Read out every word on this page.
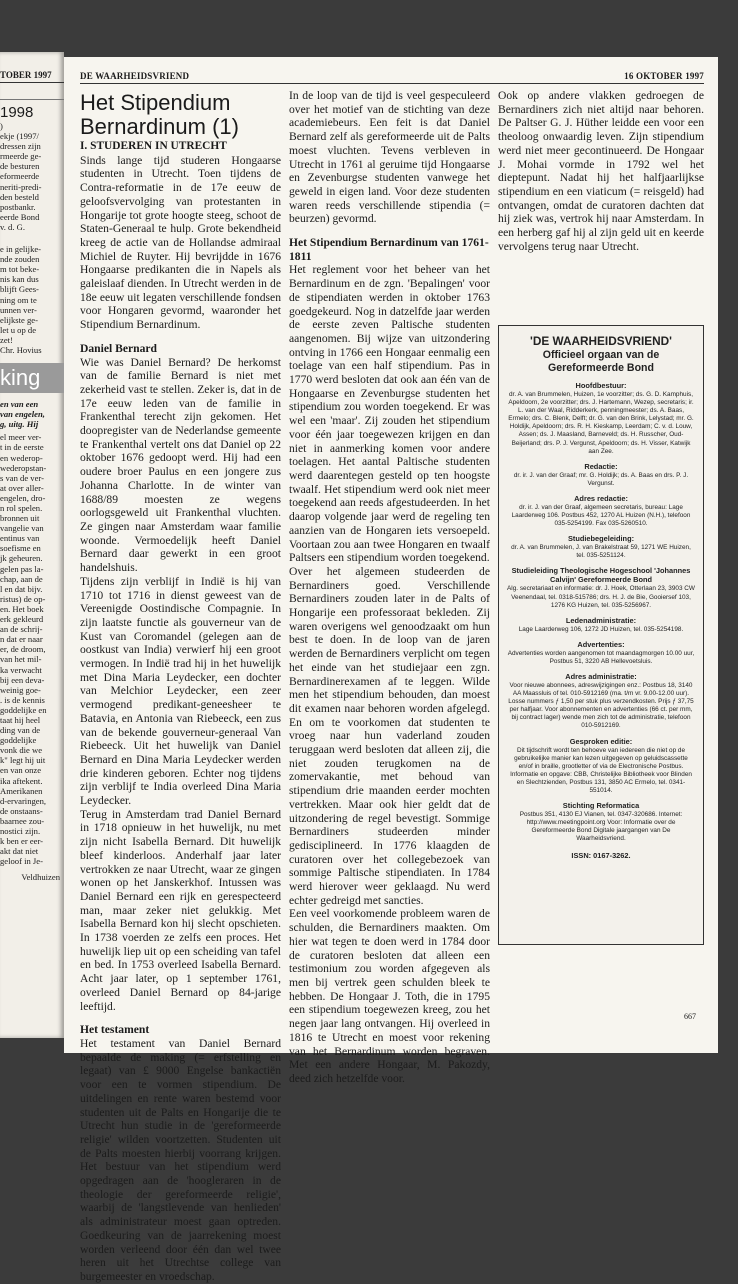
TOBER 1997

1998

)

ekje (1997/

dressen zijn

rmeerde ge-

de besturen

eformeerde

neriti-predi-

den besteld

postbankr.

eerde Bond

v. d. G.

e in gelijke-

nde zouden

m tot beke-

nis kan dus

blijft Gees-

ning om te

unnen ver-

elijkste ge-

let u op de

zet!

Chr. Hovius

king

en van een

van engelen,

g, uitg. Hij

el meer ver-

t in de eerste

en wederop-

wederopstan-

s van de ver-

at over aller-

engelen, dro-

n rol spelen.

bronnen uit

vangelie van

entinus van

soefisme en

jk geheuren.

gelen pas la-

chap, aan de

l en dat bijv.

ristus) de op-

en. Het boek

erk gekleurd

an de schrij-

n dat er naar

er, de droom,

van het mil-

ka verwacht

bij een deva-

weinig goe-

. is de kennis

goddelijke en

taat hij heel

ding van de

goddelijke

vonk die we

k" legt hij uit

en van onze

ika aftekent.

Amerikanen

d-ervaringen,

de onstaans-

baarnee zou-

nostici zijn.

k ben er eer-

akt dat niet

geloof in Je-

Veldhuizen

DE WAARHEIDSVRIEND	16 OKTOBER 1997
Het Stipendium
Bernardinum (1)

I. STUDEREN IN UTRECHT

Sinds lange tijd studeren Hongaarse studenten in Utrecht. Toen tijdens de Contra-reformatie in de 17e eeuw de geloofsvervolging van protestanten in Hongarije tot grote hoogte steeg, schoot de Staten-Generaal te hulp. Grote bekendheid kreeg de actie van de Hollandse admiraal Michiel de Ruyter. Hij bevrijdde in 1676 Hongaarse predikanten die in Napels als galeislaaf dienden. In Utrecht werden in de 18e eeuw uit legaten verschillende fondsen voor Hongaren gevormd, waaronder het Stipendium Bernardinum.

Daniel Bernard

Wie was Daniel Bernard? De herkomst van de familie Bernard is niet met zekerheid vast te stellen. Zeker is, dat in de 17e eeuw leden van de familie in Frankenthal terecht zijn gekomen. Het doopregister van de Nederlandse gemeente te Frankenthal vertelt ons dat Daniel op 22 oktober 1676 gedoopt werd. Hij had een oudere broer Paulus en een jongere zus Johanna Charlotte. In de winter van 1688/89 moesten ze wegens oorlogsgeweld uit Frankenthal vluchten. Ze gingen naar Amsterdam waar familie woonde. Vermoedelijk heeft Daniel Bernard daar gewerkt in een groot handelshuis.

Tijdens zijn verblijf in Indië is hij van 1710 tot 1716 in dienst geweest van de Vereenigde Oostindische Compagnie. In zijn laatste functie als gouverneur van de Kust van Coromandel (gelegen aan de oostkust van India) verwierf hij een groot vermogen. In Indië trad hij in het huwelijk met Dina Maria Leydecker, een dochter van Melchior Leydecker, een zeer vermogend predikant-geneesheer te Batavia, en Antonia van Riebeeck, een zus van de bekende gouverneur-generaal Van Riebeeck. Uit het huwelijk van Daniel Bernard en Dina Maria Leydecker werden drie kinderen geboren. Echter nog tijdens zijn verblijf te India overleed Dina Maria Leydecker.

Terug in Amsterdam trad Daniel Bernard in 1718 opnieuw in het huwelijk, nu met zijn nicht Isabella Bernard. Dit huwelijk bleef kinderloos. Anderhalf jaar later vertrokken ze naar Utrecht, waar ze gingen wonen op het Janskerkhof. Intussen was Daniel Bernard een rijk en gerespecteerd man, maar zeker niet gelukkig. Met Isabella Bernard kon hij slecht opschieten. In 1738 voerden ze zelfs een proces. Het huwelijk liep uit op een scheiding van tafel en bed. In 1753 overleed Isabella Bernard. Acht jaar later, op 1 september 1761, overleed Daniel Bernard op 84-jarige leeftijd.

Het testament

Het testament van Daniel Bernard bepaalde de making (= erfstelling en legaat) van £ 9000 Engelse bankactiën voor een te vormen stipendium. De uitdelingen en rente waren bestemd voor studenten uit de Palts en Hongarije die te Utrecht hun studie in de 'gereformeerde religie' wilden voortzetten. Studenten uit de Palts moesten hierbij voorrang krijgen. Het bestuur van het stipendium werd opgedragen aan de 'hoogleraren in de theologie der gereformeerde religie', waarbij de 'langstlevende van henlieden' als administrateur moest gaan optreden. Goedkeuring van de jaarrekening moest worden verleend door één dan wel twee heren uit het Utrechtse college van burgemeester en vroedschap.

In de loop van de tijd is veel gespeculeerd over het motief van de stichting van deze academiebeurs. Een feit is dat Daniel Bernard zelf als gereformeerde uit de Palts moest vluchten. Tevens verbleven in Utrecht in 1761 al geruime tijd Hongaarse en Zevenburgse studenten vanwege het geweld in eigen land. Voor deze studenten waren reeds verschillende stipendia (= beurzen) gevormd.

Het Stipendium Bernardinum van 1761-1811

Het reglement voor het beheer van het Bernardinum en de zgn. 'Bepalingen' voor de stipendiaten werden in oktober 1763 goedgekeurd. Nog in datzelfde jaar werden de eerste zeven Paltische studenten aangenomen. Bij wijze van uitzondering ontving in 1766 een Hongaar eenmalig een toelage van een half stipendium. Pas in 1770 werd besloten dat ook aan één van de Hongaarse en Zevenburgse studenten het stipendium zou worden toegekend. Er was wel een 'maar'. Zij zouden het stipendium voor één jaar toegewezen krijgen en dan niet in aanmerking komen voor andere toelagen. Het aantal Paltische studenten werd daarentegen gesteld op ten hoogste twaalf. Het stipendium werd ook niet meer toegekend aan reeds afgestudeerden. In het daarop volgende jaar werd de regeling ten aanzien van de Hongaren iets versoepeld. Voortaan zou aan twee Hongaren en twaalf Paltsers een stipendium worden toegekend.

Over het algemeen studeerden de Bernardiners goed. Verschillende Bernardiners zouden later in de Palts of Hongarije een professoraat bekleden. Zij waren overigens wel genoodzaakt om hun best te doen. In de loop van de jaren werden de Bernardiners verplicht om tegen het einde van het studiejaar een zgn. Bernardinerexamen af te leggen. Wilde men het stipendium behouden, dan moest dit examen naar behoren worden afgelegd. En om te voorkomen dat studenten te vroeg naar hun vaderland zouden teruggaan werd besloten dat alleen zij, die niet zouden terugkomen na de zomervakantie, met behoud van stipendium drie maanden eerder mochten vertrekken. Maar ook hier geldt dat de uitzondering de regel bevestigt. Sommige Bernardiners studeerden minder gedisciplineerd. In 1776 klaagden de curatoren over het collegebezoek van sommige Paltische stipendiaten. In 1784 werd hierover weer geklaagd. Nu werd echter gedreigd met sancties.

Een veel voorkomende probleem waren de schulden, die Bernardiners maakten. Om hier wat tegen te doen werd in 1784 door de curatoren besloten dat alleen een testimonium zou worden afgegeven als men bij vertrek geen schulden bleek te hebben. De Hongaar J. Toth, die in 1795 een stipendium toegewezen kreeg, zou het negen jaar lang ontvangen. Hij overleed in 1816 te Utrecht en moest voor rekening van het Bernardinum worden begraven. Met een andere Hongaar, M. Pakozdy, deed zich hetzelfde voor.

Ook op andere vlakken gedroegen de Bernardiners zich niet altijd naar behoren. De Paltser G. J. Hüther leidde een voor een theoloog onwaardig leven. Zijn stipendium werd niet meer gecontinueerd. De Hongaar J. Mohai vormde in 1792 wel het dieptepunt. Nadat hij het halfjaarlijkse stipendium en een viaticum (= reisgeld) had ontvangen, omdat de curatoren dachten dat hij ziek was, vertrok hij naar Amsterdam. In een herberg gaf hij al zijn geld uit en keerde vervolgens terug naar Utrecht.

'DE WAARHEIDSVRIEND'
Officieel orgaan van de
Gereformeerde Bond
Hoofdbestuur:
dr. A. van Brummelen, Huizen, 1e voorzitter; ds. G. D. Kamphuis, Apeldoorn, 2e voorzitter; drs. J. Hartemann, Wezep, secretaris; ir. L. van der Waal, Ridderkerk, penningmeester; ds. A. Baas, Ermelo; drs. C. Blenk, Delft; dr. G. van den Brink, Lelystad; mr. G. Holdijk, Apeldoorn; drs. R. H. Kieskamp, Leerdam; C. v. d. Louw, Assen; ds. J. Maasland, Barneveld; ds. H. Russcher, Oud-Beijerland; drs. P. J. Vergunst, Apeldoorn; ds. H. Visser, Katwijk aan Zee.
Redactie:
dr. ir. J. van der Graaf; mr. G. Holdijk; ds. A. Baas en drs. P. J. Vergunst.
Adres redactie:
dr. ir. J. van der Graaf, algemeen secretaris, bureau: Lage Laarderweg 106. Postbus 452, 1270 AL Huizen (N.H.), telefoon 035-5254199. Fax 035-5260510.
Studiebegeleiding:
dr. A. van Brummelen, J. van Brakelstraat 59, 1271 WE Huizen, tel. 035-5251124.
Studieleiding Theologische Hogeschool 'Johannes Calvijn' Gereformeerde Bond
Alg. secretariaat en informatie: dr. J. Hoek, Otterlaan 23, 3903 CW Veenendaal, tel. 0318-515786; drs. H. J. de Bie, Gooiersef 103, 1276 KG Huizen, tel. 035-5256967.
Ledenadministratie:
Lage Laarderweg 106, 1272 JD Huizen, tel. 035-5254198.
Advertenties:
Advertenties worden aangenomen tot maandagmorgen 10.00 uur, Postbus 51, 3220 AB Hellevoetsluis.
Adres administratie:
Voor nieuwe abonnees, adreswijzigingen enz.: Postbus 18, 3140 AA Maassluis of tel. 010-5912169 (ma. t/m vr. 9.00-12.00 uur). Losse nummers ƒ 1,50 per stuk plus verzendkosten. Prijs ƒ 37,75 per halfjaar. Voor abonnementen en advertenties (66 ct. per mm, bij contract lager) wende men zich tot de administratie, telefoon 010-5912169.
Gesproken editie:
Dit tijdschrift wordt ten behoeve van iedereen die niet op de gebruikelijke manier kan lezen uitgegeven op geluidscassette en/of in braille, grootletter of via de Electronische Postbus. Informatie en opgave: CBB, Christelijke Bibliotheek voor Blinden en Slechtzienden, Postbus 131, 3850 AC Ermelo, tel. 0341-551014.
Stichting Reformatica
Postbus 351, 4130 EJ Vianen, tel. 0347-320686. Internet: http://www.meetingpoint.org Voor: Informatie over de Gereformeerde Bond Digitale jaargangen van De Waarheidsvriend.
ISSN: 0167-3262.
667
